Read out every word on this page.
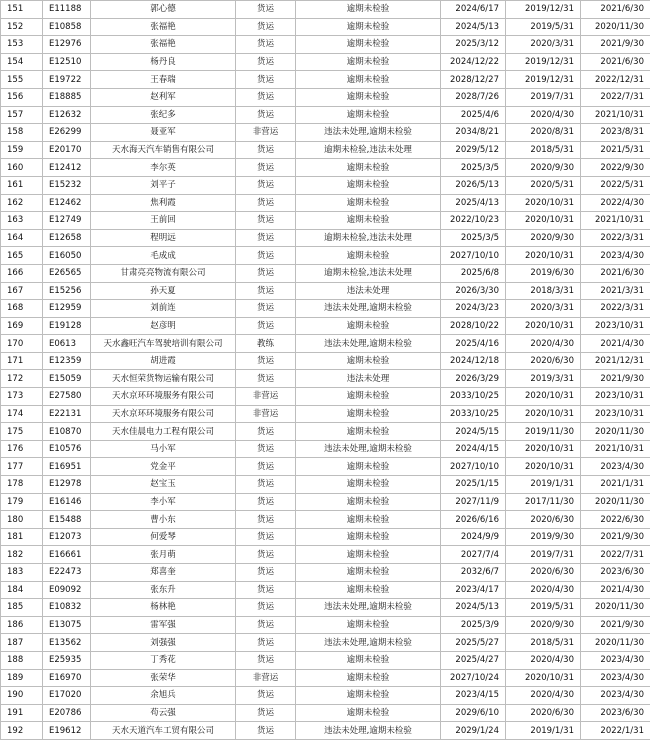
151	E11188	郭心德	货运	逾期未检验	2024/6/17	2019/12/31	2021/6/30
152	E10858	张福艳	货运	逾期未检验	2024/5/13	2019/5/31	2020/11/30
153	E12976	张福艳	货运	逾期未检验	2025/3/12	2020/3/31	2021/9/30
154	E12510	杨丹良	货运	逾期未检验	2024/12/22	2019/12/31	2021/6/30
155	E19722	王春瑞	货运	逾期未检验	2028/12/27	2019/12/31	2022/12/31
156	E18885	赵利军	货运	逾期未检验	2028/7/26	2019/7/31	2022/7/31
157	E12632	张纪多	货运	逾期未检验	2025/4/6	2020/4/30	2021/10/31
158	E26299	聂亚军	非营运	违法未处理,逾期未检验	2034/8/21	2020/8/31	2023/8/31
159	E20170	天水海天汽车销售有限公司	货运	逾期未检验,违法未处理	2029/5/12	2018/5/31	2021/5/31
160	E12412	李尔英	货运	逾期未检验	2025/3/5	2020/9/30	2022/9/30
161	E15232	刘平子	货运	逾期未检验	2026/5/13	2020/5/31	2022/5/31
162	E12462	焦利霞	货运	逾期未检验	2025/4/13	2020/10/31	2022/4/30
163	E12749	王前回	货运	逾期未检验	2022/10/23	2020/10/31	2021/10/31
164	E12658	程明远	货运	逾期未检验,违法未处理	2025/3/5	2020/9/30	2022/3/31
165	E16050	毛成成	货运	逾期未检验	2027/10/10	2020/10/31	2023/4/30
166	E26565	甘肃亮亮物流有限公司	货运	逾期未检验,违法未处理	2025/6/8	2019/6/30	2021/6/30
167	E15256	孙天夏	货运	违法未处理	2026/3/30	2018/3/31	2021/3/31
168	E12959	刘前连	货运	违法未处理,逾期未检验	2024/3/23	2020/3/31	2022/3/31
169	E19128	赵彦明	货运	逾期未检验	2028/10/22	2020/10/31	2023/10/31
170	E0613	天水鑫旺汽车驾驶培训有限公司	教练	违法未处理,逾期未检验	2025/4/16	2020/4/30	2021/4/30
171	E12359	胡进霞	货运	逾期未检验	2024/12/18	2020/6/30	2021/12/31
172	E15059	天水恒荣货物运输有限公司	货运	违法未处理	2026/3/29	2019/3/31	2021/9/30
173	E27580	天水京环环境服务有限公司	非营运	逾期未检验	2033/10/25	2020/10/31	2023/10/31
174	E22131	天水京环环境服务有限公司	非营运	逾期未检验	2033/10/25	2020/10/31	2023/10/31
175	E10870	天水佳晨电力工程有限公司	货运	逾期未检验	2024/5/15	2019/11/30	2020/11/30
176	E10576	马小军	货运	违法未处理,逾期未检验	2024/4/15	2020/10/31	2021/10/31
177	E16951	党金平	货运	逾期未检验	2027/10/10	2020/10/31	2023/4/30
178	E12978	赵宝玉	货运	逾期未检验	2025/1/15	2019/1/31	2021/1/31
179	E16146	李小军	货运	逾期未检验	2027/11/9	2017/11/30	2020/11/30
180	E15488	曹小东	货运	逾期未检验	2026/6/16	2020/6/30	2022/6/30
181	E12073	何爱琴	货运	逾期未检验	2024/9/9	2019/9/30	2021/9/30
182	E16661	张月萌	货运	逾期未检验	2027/7/4	2019/7/31	2022/7/31
183	E22473	郑喜奎	货运	逾期未检验	2032/6/7	2020/6/30	2023/6/30
184	E09092	张东升	货运	逾期未检验	2023/4/17	2020/4/30	2021/4/30
185	E10832	杨林艳	货运	违法未处理,逾期未检验	2024/5/13	2019/5/31	2020/11/30
186	E13075	雷军强	货运	逾期未检验	2025/3/9	2020/9/30	2021/9/30
187	E13562	刘强强	货运	违法未处理,逾期未检验	2025/5/27	2018/5/31	2020/11/30
188	E25935	丁秀花	货运	逾期未检验	2025/4/27	2020/4/30	2023/4/30
189	E16970	张荣华	非营运	逾期未检验	2027/10/24	2020/10/31	2023/4/30
190	E17020	余旭兵	货运	逾期未检验	2023/4/15	2020/4/30	2023/4/30
191	E20786	苟云强	货运	逾期未检验	2029/6/10	2020/6/30	2023/6/30
192	E19612	天水天道汽车工贸有限公司	货运	违法未处理,逾期未检验	2029/1/24	2019/1/31	2022/1/31
